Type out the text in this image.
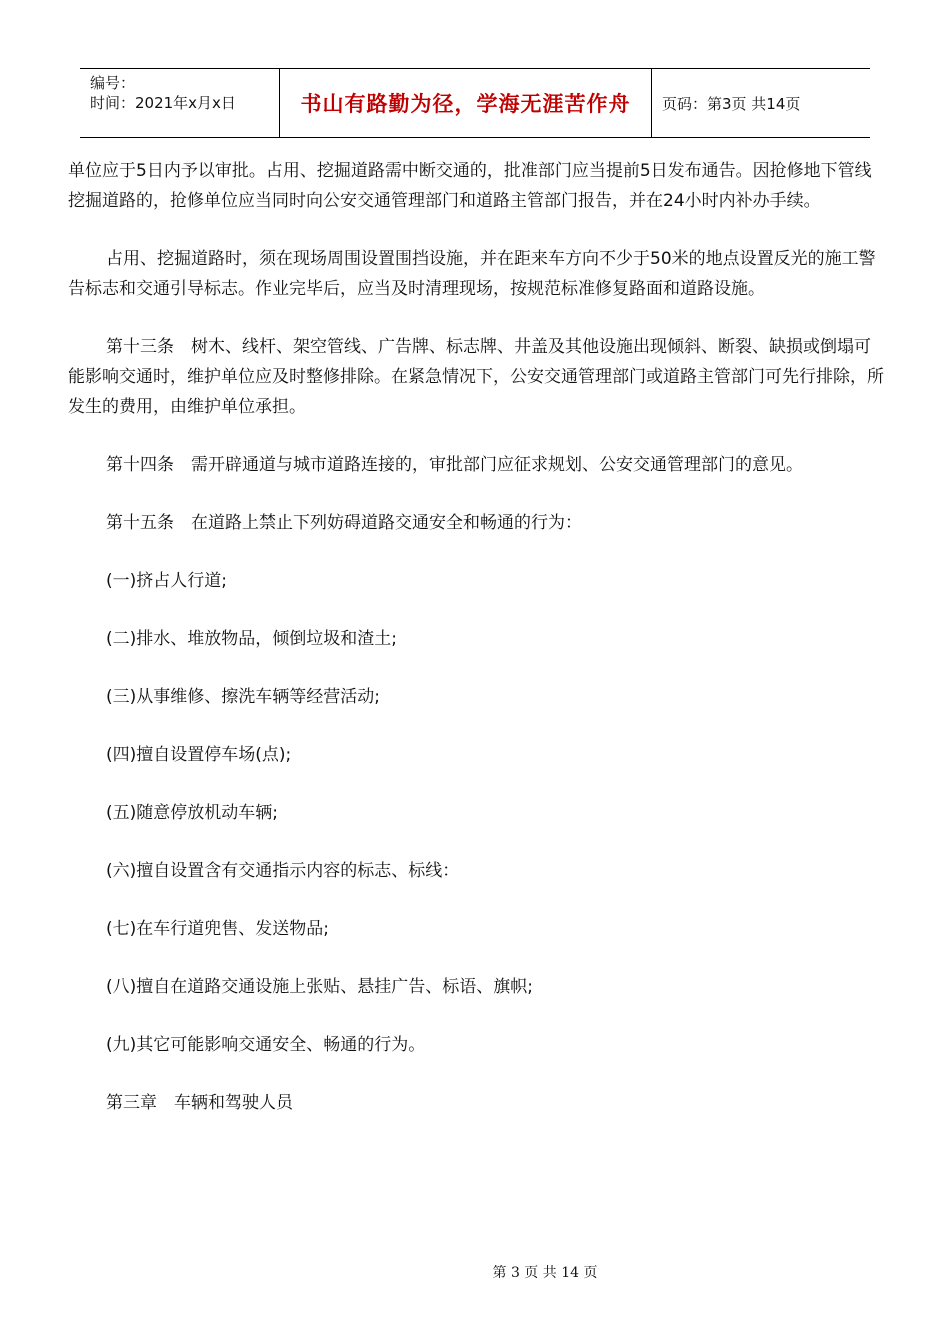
编号：
时间：2021年x月x日	书山有路勤为径，学海无涯苦作舟	页码：第3页 共14页

单位应于5日内予以审批。占用、挖掘道路需中断交通的，批准部门应当提前5日发布通告。因抢修地下管线挖掘道路的，抢修单位应当同时向公安交通管理部门和道路主管部门报告，并在24小时内补办手续。

占用、挖掘道路时，须在现场周围设置围挡设施，并在距来车方向不少于50米的地点设置反光的施工警告标志和交通引导标志。作业完毕后，应当及时清理现场，按规范标准修复路面和道路设施。

第十三条　树木、线杆、架空管线、广告牌、标志牌、井盖及其他设施出现倾斜、断裂、缺损或倒塌可能影响交通时，维护单位应及时整修排除。在紧急情况下，公安交通管理部门或道路主管部门可先行排除，所发生的费用，由维护单位承担。

第十四条　需开辟通道与城市道路连接的，审批部门应征求规划、公安交通管理部门的意见。

第十五条　在道路上禁止下列妨碍道路交通安全和畅通的行为：

(一)挤占人行道;

(二)排水、堆放物品，倾倒垃圾和渣土;

(三)从事维修、擦洗车辆等经营活动;

(四)擅自设置停车场(点);

(五)随意停放机动车辆;

(六)擅自设置含有交通指示内容的标志、标线：

(七)在车行道兜售、发送物品;

(八)擅自在道路交通设施上张贴、悬挂广告、标语、旗帜;

(九)其它可能影响交通安全、畅通的行为。

第三章　车辆和驾驶人员

第 3 页 共 14 页
